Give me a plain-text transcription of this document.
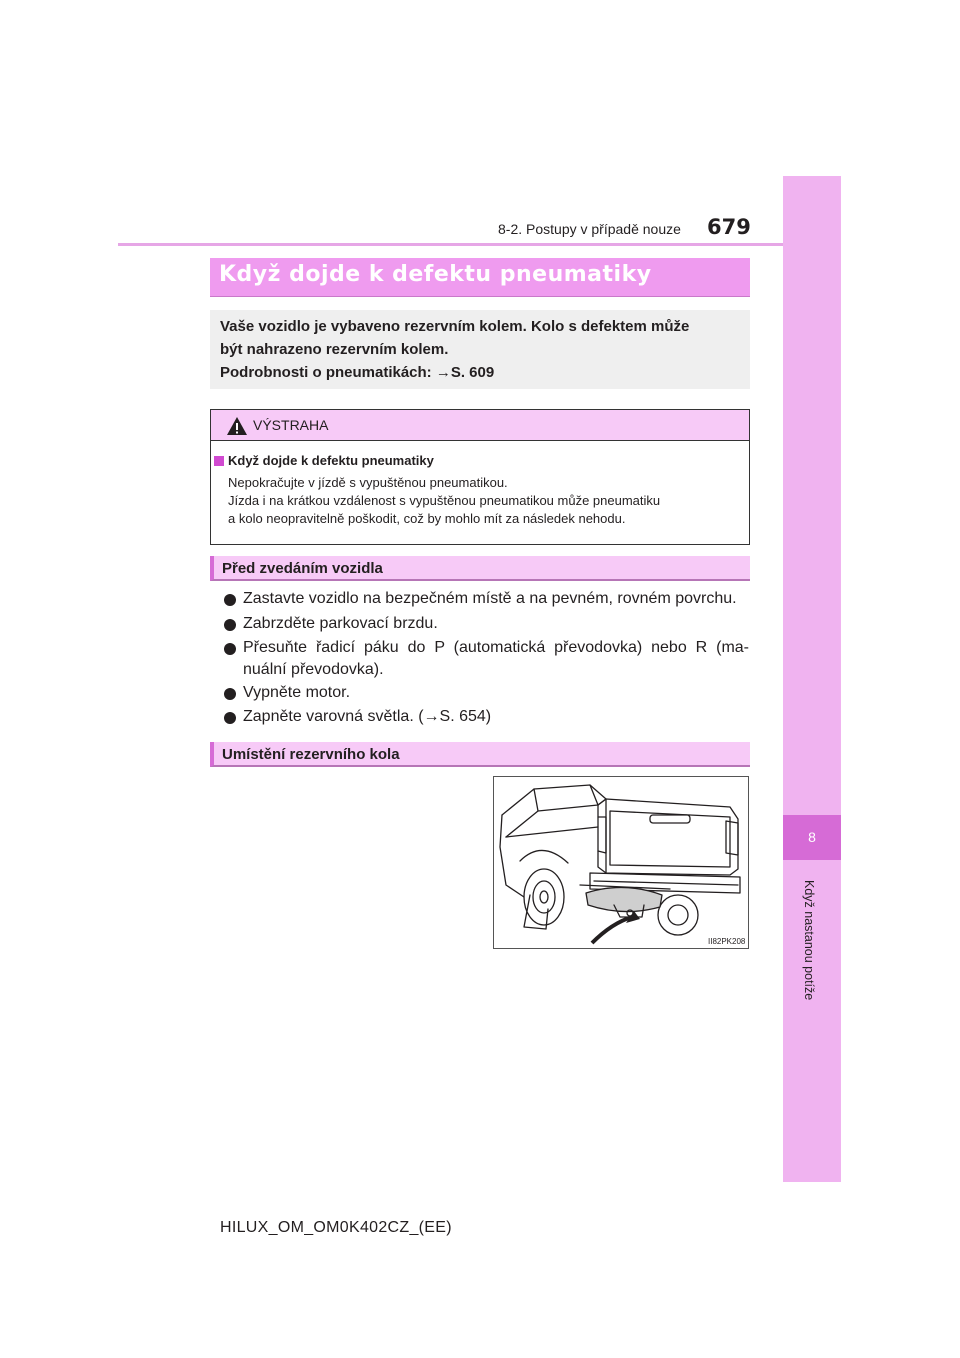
8-2. Postupy v případě nouze	679
8
Když nastanou potíže
Když dojde k defektu pneumatiky
Vaše vozidlo je vybaveno rezervním kolem. Kolo s defektem může
být nahrazeno rezervním kolem.
Podrobnosti o pneumatikách: →S. 609
VÝSTRAHA
Když dojde k defektu pneumatiky
Nepokračujte v jízdě s vypuštěnou pneumatikou.
Jízda i na krátkou vzdálenost s vypuštěnou pneumatikou může pneumatiku
a kolo neopravitelně poškodit, což by mohlo mít za následek nehodu.
Před zvedáním vozidla
Zastavte vozidlo na bezpečném místě a na pevném, rovném povrchu.
Zabrzděte parkovací brzdu.
Přesuňte řadicí páku do P (automatická převodovka) nebo R (ma-
nuální převodovka).
Vypněte motor.
Zapněte varovná světla. (→S. 654)
Umístění rezervního kola
II82PK208
HILUX_OM_OM0K402CZ_(EE)
